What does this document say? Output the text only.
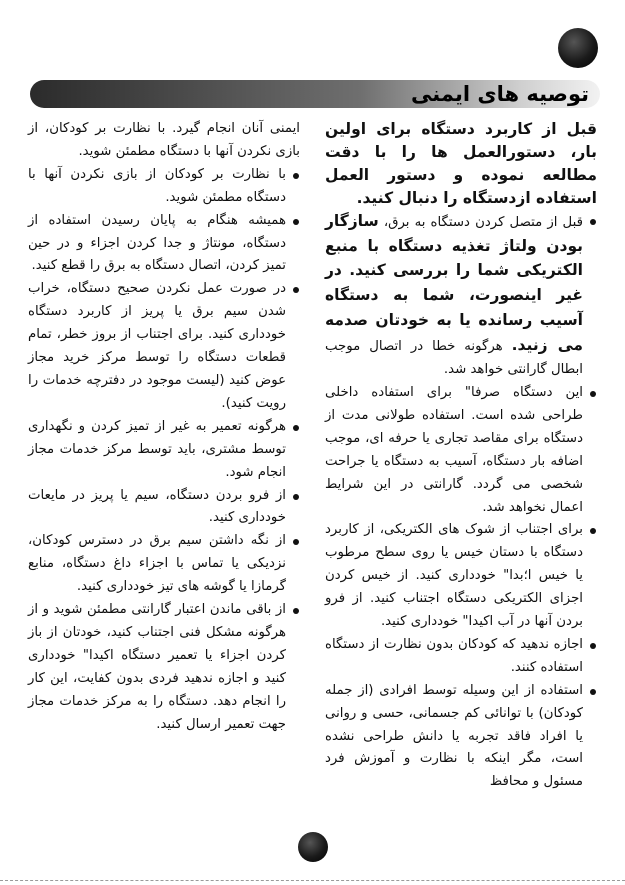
توصیه های ایمنی

قبل از کاربرد دستگاه برای اولین بار، دستورالعمل ها را با دقت مطالعه نموده و دستور العمل استفاده ازدستگاه را دنبال کنید.

قبل از متصل کردن دستگاه به برق، سازگار بودن ولتاژ تغذیه دستگاه با منبع الکتریکی شما را بررسی کنید. در غیر اینصورت، شما به دستگاه آسیب رسانده یا به خودتان صدمه می زنید. هرگونه خطا در اتصال موجب ابطال گارانتی خواهد شد.
این دستگاه صرفا" برای استفاده داخلی طراحی شده است. استفاده طولانی مدت از دستگاه برای مقاصد تجاری یا حرفه ای، موجب اضافه بار دستگاه، آسیب به دستگاه یا جراحت شخصی می گردد. گارانتی در این شرایط اعمال نخواهد شد.
برای اجتناب از شوک های الکتریکی، از کاربرد دستگاه با دستان خیس یا روی سطح مرطوب یا خیس ا؛بدا" خودداری کنید. از خیس کردن اجزای الکتریکی دستگاه اجتناب کنید. از فرو بردن آنها در آب اکیدا" خودداری کنید.
اجازه ندهید که کودکان بدون نظارت از دستگاه استفاده کنند.
استفاده از این وسیله توسط افرادی (از جمله کودکان) با توانائی کم جسمانی، حسی و روانی یا افراد فاقد تجربه یا دانش طراحی نشده است، مگر اینکه با نظارت و آموزش فرد مسئول و محافظ

ایمنی آنان انجام گیرد. با نظارت بر کودکان، از بازی نکردن آنها با دستگاه مطمئن شوید.

با نظارت بر کودکان از بازی نکردن آنها با دستگاه مطمئن شوید.
همیشه هنگام به پایان رسیدن استفاده از دستگاه، مونتاژ و جدا کردن اجزاء و در حین تمیز کردن، اتصال دستگاه به برق را قطع کنید.
در صورت عمل نکردن صحیح دستگاه، خراب شدن سیم برق یا پریز از کاربرد دستگاه خودداری کنید. برای اجتناب از بروز خطر، تمام قطعات دستگاه را توسط مرکز خرید مجاز عوض کنید (لیست موجود در دفترچه خدمات را رویت کنید).
هرگونه تعمیر به غیر از تمیز کردن و نگهداری توسط مشتری، باید توسط مرکز خدمات مجاز انجام شود.
از فرو بردن دستگاه، سیم یا پریز در مایعات خودداری کنید.
از نگه داشتن سیم برق در دسترس کودکان، نزدیکی یا تماس با اجزاء داغ دستگاه، منابع گرمازا یا گوشه های تیز خودداری کنید.
از باقی ماندن اعتبار گارانتی مطمئن شوید و از هرگونه مشکل فنی اجتناب کنید، خودتان از باز کردن اجزاء یا تعمیر دستگاه اکیدا" خودداری کنید و اجازه ندهید فردی بدون کفایت، این کار را انجام دهد. دستگاه را به مرکز خدمات مجاز جهت تعمیر ارسال کنید.
